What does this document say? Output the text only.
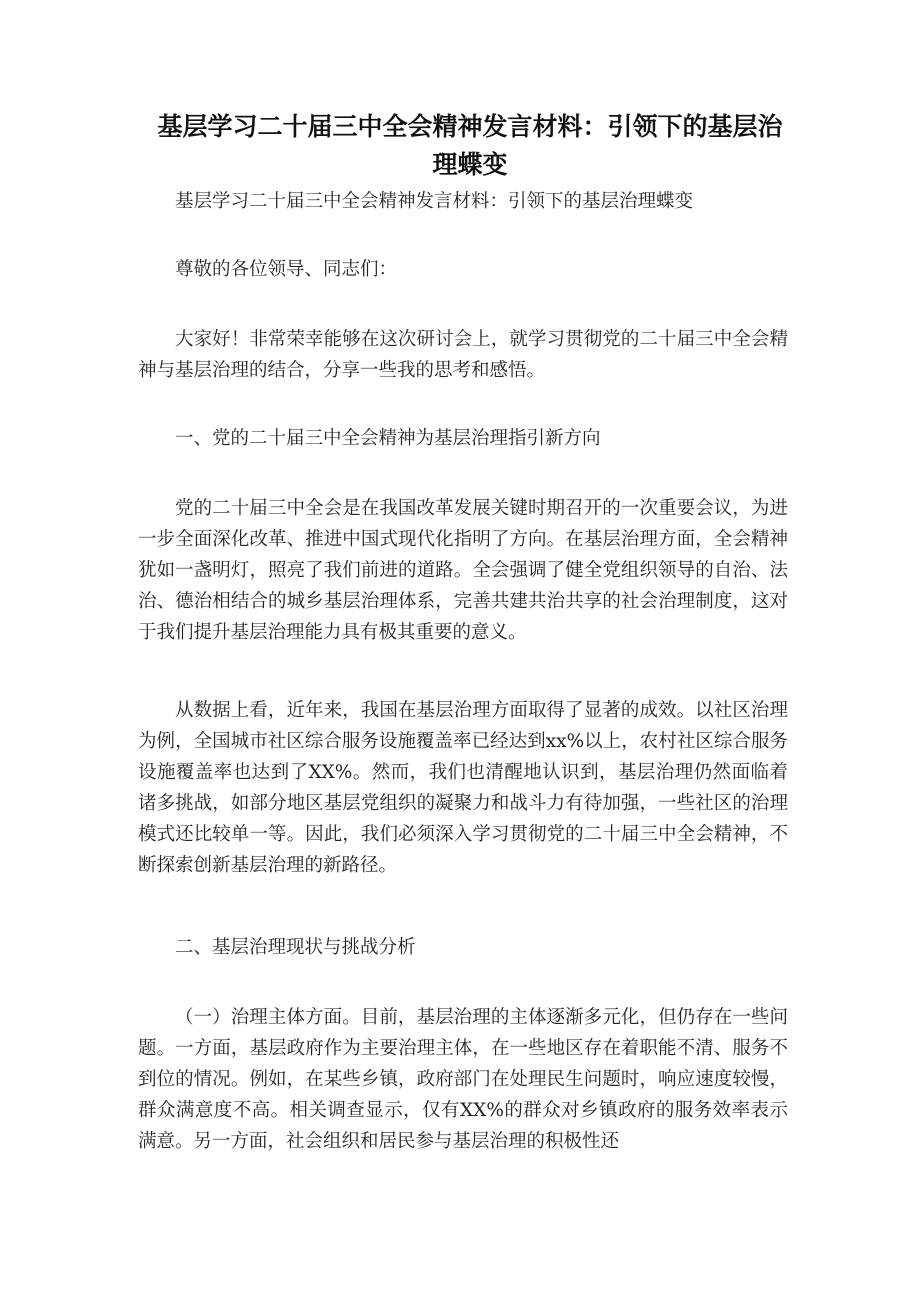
基层学习二十届三中全会精神发言材料：引领下的基层治理蝶变
基层学习二十届三中全会精神发言材料：引领下的基层治理蝶变
尊敬的各位领导、同志们：
大家好！非常荣幸能够在这次研讨会上，就学习贯彻党的二十届三中全会精神与基层治理的结合，分享一些我的思考和感悟。
一、党的二十届三中全会精神为基层治理指引新方向
党的二十届三中全会是在我国改革发展关键时期召开的一次重要会议，为进一步全面深化改革、推进中国式现代化指明了方向。在基层治理方面，全会精神犹如一盏明灯，照亮了我们前进的道路。全会强调了健全党组织领导的自治、法治、德治相结合的城乡基层治理体系，完善共建共治共享的社会治理制度，这对于我们提升基层治理能力具有极其重要的意义。
从数据上看，近年来，我国在基层治理方面取得了显著的成效。以社区治理为例，全国城市社区综合服务设施覆盖率已经达到xx%以上，农村社区综合服务设施覆盖率也达到了XX%。然而，我们也清醒地认识到，基层治理仍然面临着诸多挑战，如部分地区基层党组织的凝聚力和战斗力有待加强，一些社区的治理模式还比较单一等。因此，我们必须深入学习贯彻党的二十届三中全会精神，不断探索创新基层治理的新路径。
二、基层治理现状与挑战分析
（一）治理主体方面。目前，基层治理的主体逐渐多元化，但仍存在一些问题。一方面，基层政府作为主要治理主体，在一些地区存在着职能不清、服务不到位的情况。例如，在某些乡镇，政府部门在处理民生问题时，响应速度较慢，群众满意度不高。相关调查显示，仅有XX%的群众对乡镇政府的服务效率表示满意。另一方面，社会组织和居民参与基层治理的积极性还
